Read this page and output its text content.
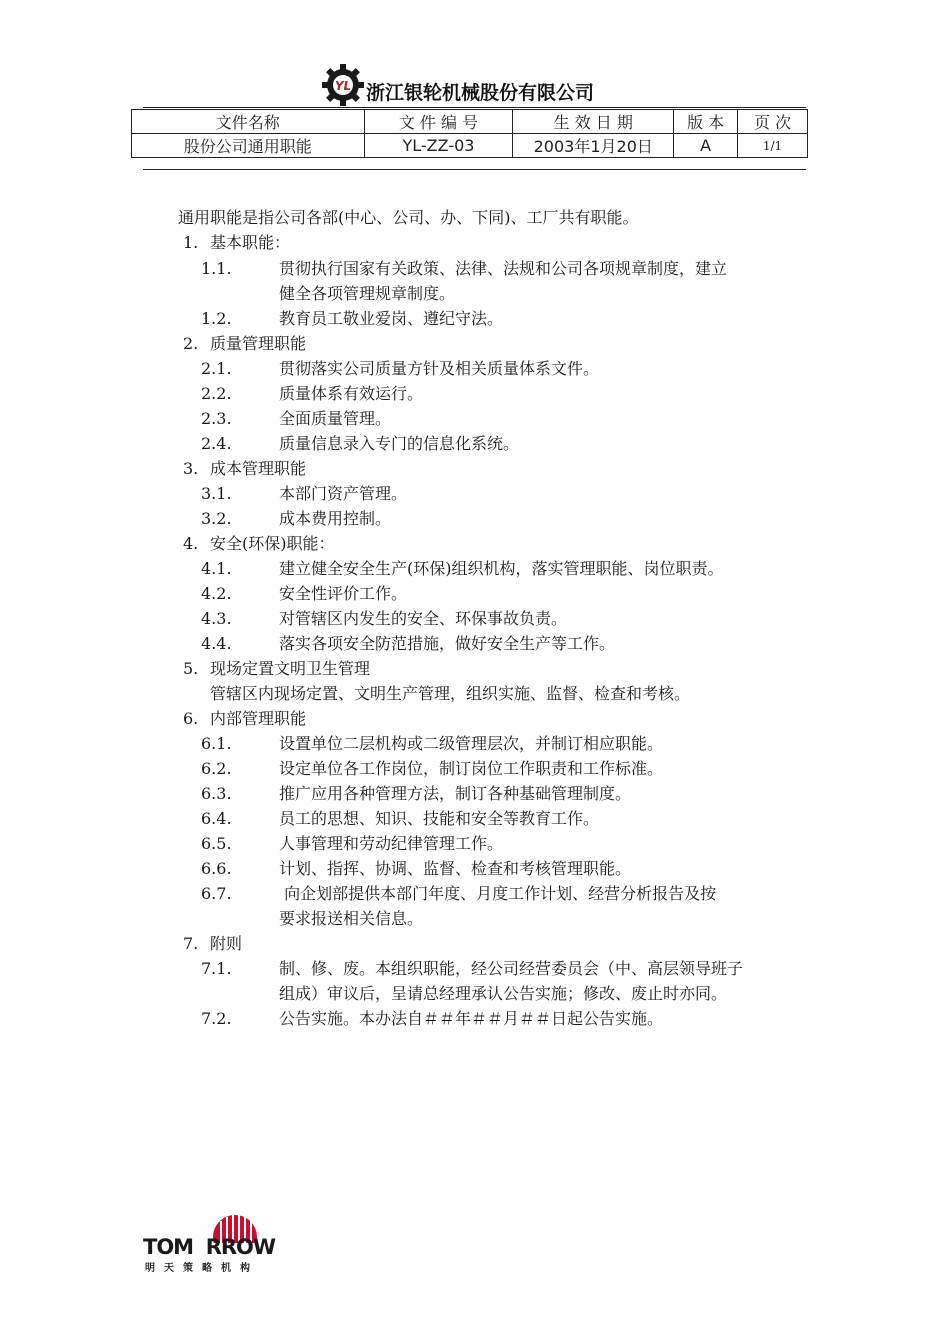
YL 浙江银轮机械股份有限公司
文件名称	文 件 编 号	生 效 日 期	版 本	页 次
股份公司通用职能	YL-ZZ-03	2003年1月20日	A	1/1
通用职能是指公司各部(中心、公司、办、下同)、工厂共有职能。
1. 基本职能：
1.1.	贯彻执行国家有关政策、法律、法规和公司各项规章制度，建立
健全各项管理规章制度。
1.2.	教育员工敬业爱岗、遵纪守法。
2. 质量管理职能
2.1.	贯彻落实公司质量方针及相关质量体系文件。
2.2.	质量体系有效运行。
2.3.	全面质量管理。
2.4.	质量信息录入专门的信息化系统。
3. 成本管理职能
3.1.	本部门资产管理。
3.2.	成本费用控制。
4. 安全(环保)职能：
4.1.	建立健全安全生产(环保)组织机构，落实管理职能、岗位职责。
4.2.	安全性评价工作。
4.3.	对管辖区内发生的安全、环保事故负责。
4.4.	落实各项安全防范措施，做好安全生产等工作。
5. 现场定置文明卫生管理
管辖区内现场定置、文明生产管理，组织实施、监督、检查和考核。
6. 内部管理职能
6.1.	设置单位二层机构或二级管理层次，并制订相应职能。
6.2.	设定单位各工作岗位，制订岗位工作职责和工作标准。
6.3.	推广应用各种管理方法，制订各种基础管理制度。
6.4.	员工的思想、知识、技能和安全等教育工作。
6.5.	人事管理和劳动纪律管理工作。
6.6.	计划、指挥、协调、监督、检查和考核管理职能。
6.7.	向企划部提供本部门年度、月度工作计划、经营分析报告及按
要求报送相关信息。
7. 附则
7.1.	制、修、废。本组织职能，经公司经营委员会（中、高层领导班子
组成）审议后，呈请总经理承认公告实施；修改、废止时亦同。
7.2.	公告实施。本办法自＃＃年＃＃月＃＃日起公告实施。
TOM  RROW
明天策略机构
